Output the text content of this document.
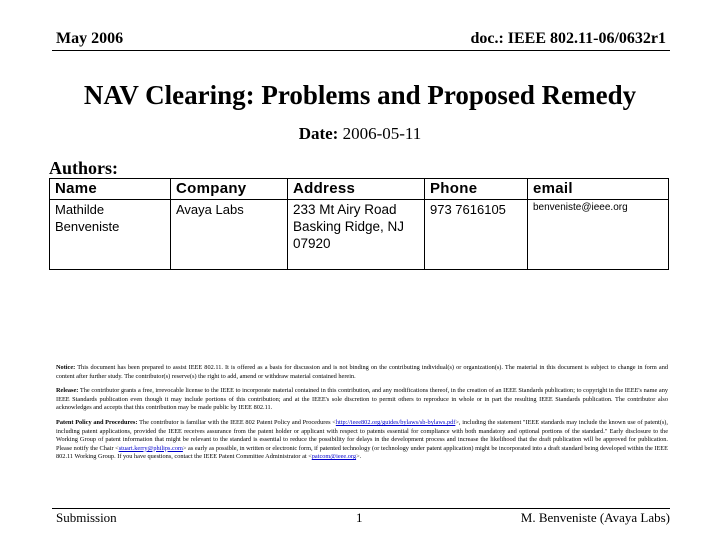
May 2006	doc.: IEEE 802.11-06/0632r1
NAV Clearing: Problems and Proposed Remedy
Date: 2006-05-11
Authors:
Name	Company	Address	Phone	email
Mathilde Benveniste	Avaya Labs	233 Mt Airy Road Basking Ridge, NJ 07920	973 7616105	benveniste@ieee.org

Notice: This document has been prepared to assist IEEE 802.11. It is offered as a basis for discussion and is not binding on the contributing individual(s) or organization(s). The material in this document is subject to change in form and content after further study. The contributor(s) reserve(s) the right to add, amend or withdraw material contained herein.

Release: The contributor grants a free, irrevocable license to the IEEE to incorporate material contained in this contribution, and any modifications thereof, in the creation of an IEEE Standards publication; to copyright in the IEEE's name any IEEE Standards publication even though it may include portions of this contribution; and at the IEEE's sole discretion to permit others to reproduce in whole or in part the resulting IEEE Standards publication. The contributor also acknowledges and accepts that this contribution may be made public by IEEE 802.11.

Patent Policy and Procedures: The contributor is familiar with the IEEE 802 Patent Policy and Procedures <http://ieee802.org/guides/bylaws/sb-bylaws.pdf>, including the statement "IEEE standards may include the known use of patent(s), including patent applications, provided the IEEE receives assurance from the patent holder or applicant with respect to patents essential for compliance with both mandatory and optional portions of the standard." Early disclosure to the Working Group of patent information that might be relevant to the standard is essential to reduce the possibility for delays in the development process and increase the likelihood that the draft publication will be approved for publication. Please notify the Chair <stuart.kerry@philips.com> as early as possible, in written or electronic form, if patented technology (or technology under patent application) might be incorporated into a draft standard being developed within the IEEE 802.11 Working Group. If you have questions, contact the IEEE Patent Committee Administrator at <patcom@ieee.org>.

Submission	1	M. Benveniste (Avaya Labs)
